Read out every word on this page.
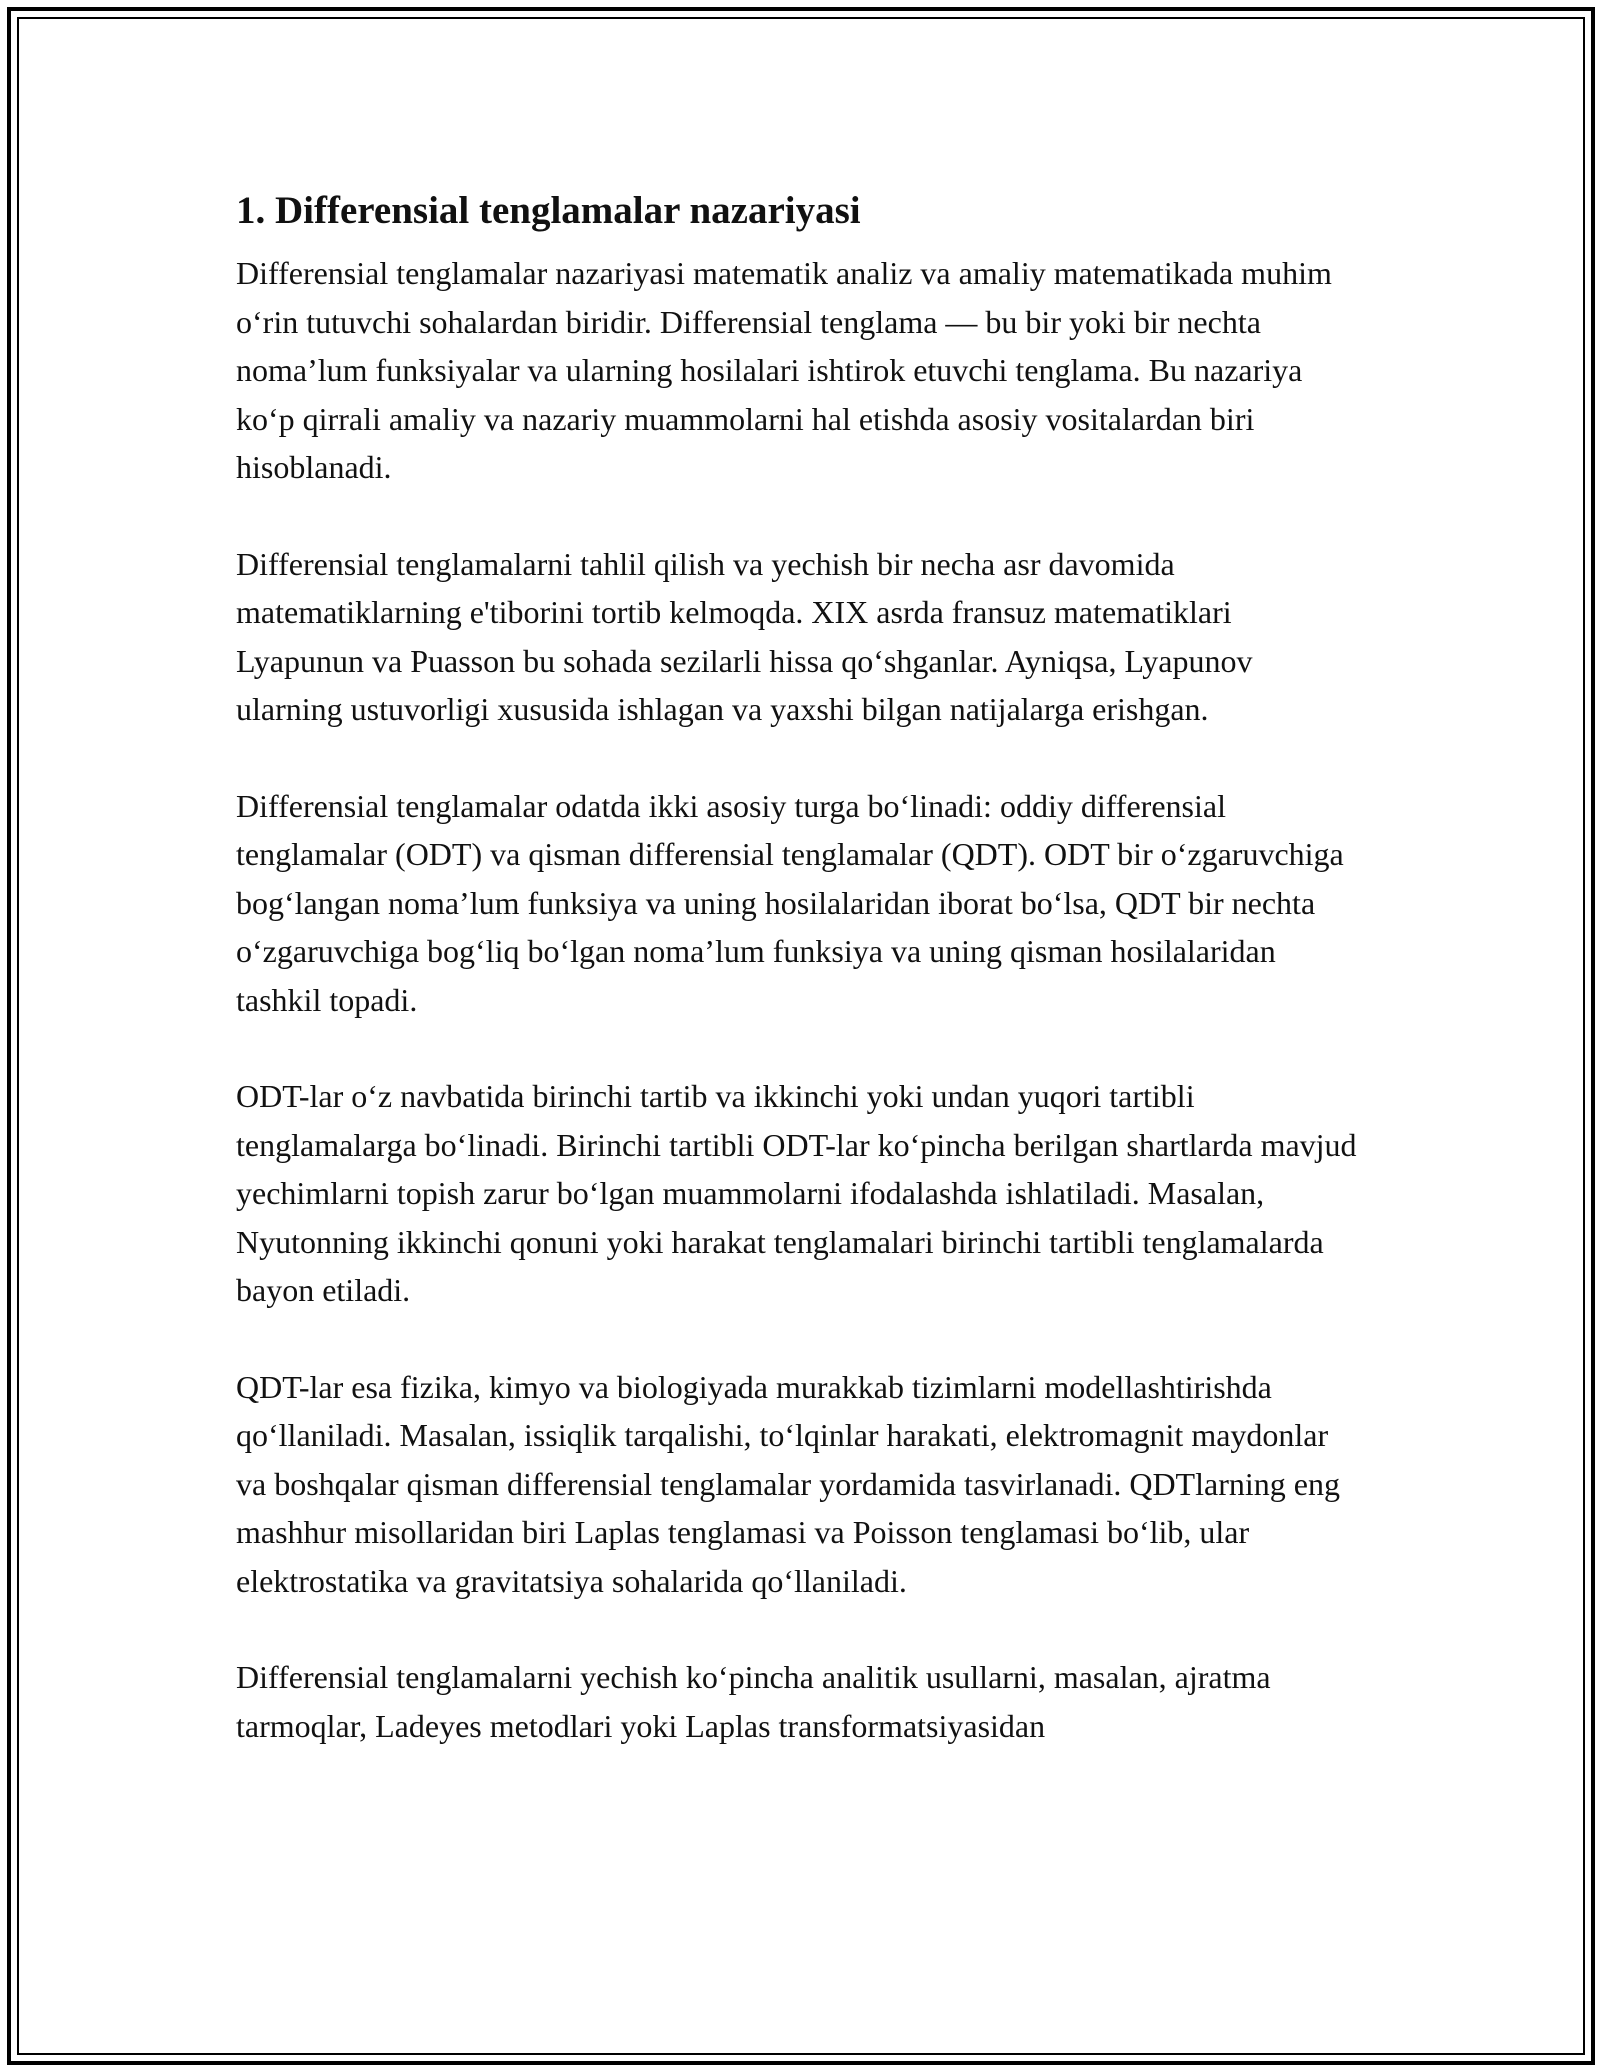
1. Differensial tenglamalar nazariyasi

Differensial tenglamalar nazariyasi matematik analiz va amaliy matematikada muhim oʻrin tutuvchi sohalardan biridir. Differensial tenglama — bu bir yoki bir nechta nomaʼlum funksiyalar va ularning hosilalari ishtirok etuvchi tenglama. Bu nazariya koʻp qirrali amaliy va nazariy muammolarni hal etishda asosiy vositalardan biri hisoblanadi.

Differensial tenglamalarni tahlil qilish va yechish bir necha asr davomida matematiklarning e'tiborini tortib kelmoqda. XIX asrda fransuz matematiklari Lyapunun va Puasson bu sohada sezilarli hissa qoʻshganlar. Ayniqsa, Lyapunov ularning ustuvorligi xususida ishlagan va yaxshi bilgan natijalarga erishgan.

Differensial tenglamalar odatda ikki asosiy turga boʻlinadi: oddiy differensial tenglamalar (ODT) va qisman differensial tenglamalar (QDT). ODT bir oʻzgaruvchiga bogʻlangan nomaʼlum funksiya va uning hosilalaridan iborat boʻlsa, QDT bir nechta oʻzgaruvchiga bogʻliq boʻlgan nomaʼlum funksiya va uning qisman hosilalaridan tashkil topadi.

ODT-lar oʻz navbatida birinchi tartib va ikkinchi yoki undan yuqori tartibli tenglamalarga boʻlinadi. Birinchi tartibli ODT-lar koʻpincha berilgan shartlarda mavjud yechimlarni topish zarur boʻlgan muammolarni ifodalashda ishlatiladi. Masalan, Nyutonning ikkinchi qonuni yoki harakat tenglamalari birinchi tartibli tenglamalarda bayon etiladi.

QDT-lar esa fizika, kimyo va biologiyada murakkab tizimlarni modellashtirishda qoʻllaniladi. Masalan, issiqlik tarqalishi, toʻlqinlar harakati, elektromagnit maydonlar va boshqalar qisman differensial tenglamalar yordamida tasvirlanadi. QDTlarning eng mashhur misollaridan biri Laplas tenglamasi va Poisson tenglamasi boʻlib, ular elektrostatika va gravitatsiya sohalarida qoʻllaniladi.

Differensial tenglamalarni yechish koʻpincha analitik usullarni, masalan, ajratma tarmoqlar, Ladeyes metodlari yoki Laplas transformatsiyasidan
